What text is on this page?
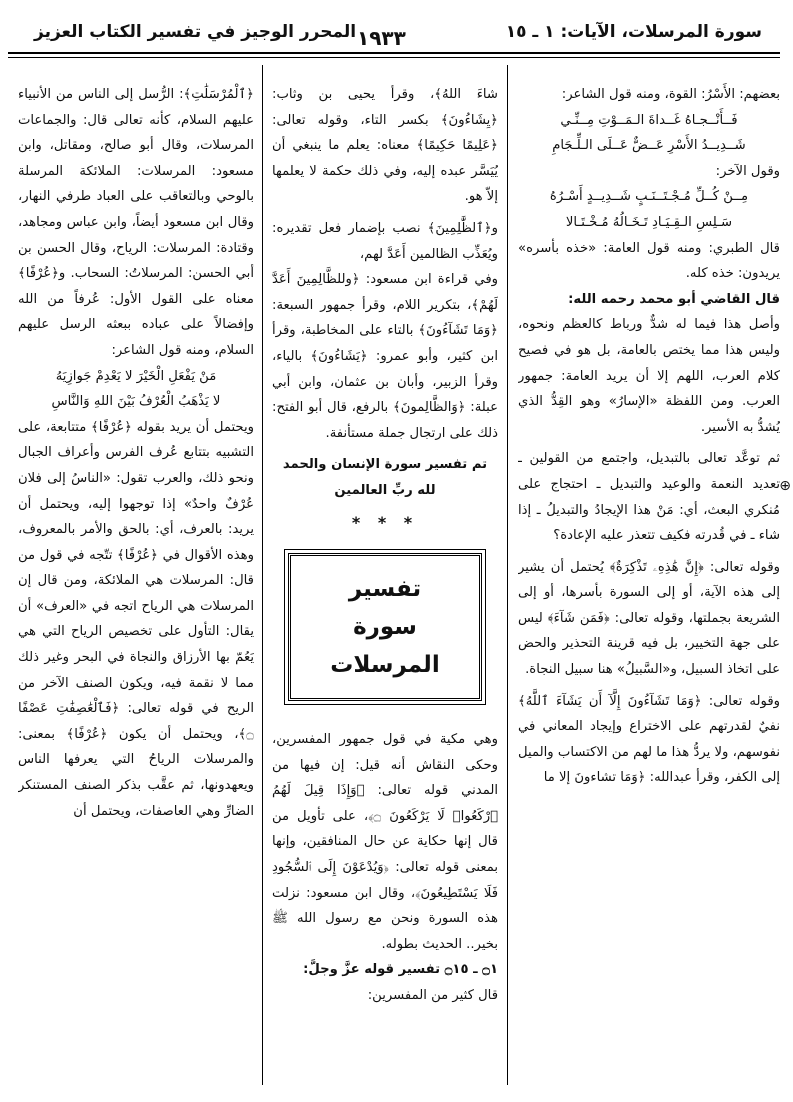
سورة المرسلات، الآيات: ١ ـ ١٥
١٩٣٣
المحرر الوجيز في تفسير الكتاب العزيز

بعضهم: الأَسْرُ: القوة، ومنه قول الشاعر:

فَــأَنْــجـاهُ غَــداةَ الـمَــوْتِ مِــنِّـي

شَــدِيــدُ الأَسْرِ عَــضٌّ عَــلَى الـلِّـجَامِ

وقول الآخر:

مِــنْ كُــلِّ مُـجْـتَــنَـبٍ شَــدِيــدٍ أَسْـرُهُ

سَـلِسِ الـقِـيَـادِ تَـخَـالُهُ مُـخْـتَـالا

قال الطبري: ومنه قول العامة: «خذه بأسره» يريدون: خذه كله.

قال القاضي أبو محمد رحمه الله:

وأصل هذا فيما له شدٌّ ورباط كالعظم ونحوه، وليس هذا مما يختص بالعامة، بل هو في فصيح كلام العرب، اللهم إلا أن يريد العامة: جمهور العرب. ومن اللفظة «الإسارُ» وهو القِدُّ الذي يُشدُّ به الأسير.

ثم توعَّد تعالى بالتبديل، واجتمع من القولين ـ تعديد النعمة والوعيد والتبديل ـ احتجاج على مُنكري البعث، أي: مَنْ هذا الإيجادُ والتبديلُ ـ إذا شاء ـ في قُدرته فكيف تتعذر عليه الإعادة؟

وقوله تعالى: ﴿إِنَّ هَٰذِهِۦ تَذْكِرَةٌ﴾ يُحتمل أن يشير إلى هذه الآية، أو إلى السورة بأسرها، أو إلى الشريعة بجملتها، وقوله تعالى: ﴿فَمَن شَآءَ﴾ ليس على جهة التخيير، بل فيه قرينة التحذير والحض على اتخاذ السبيل، و«السَّبيلُ» هنا سبيل النجاة.

وقوله تعالى: ﴿وَمَا تَشَآءُونَ إِلَّآ أَن يَشَآءَ ٱللَّهُ﴾ نفيٌ لقدرتهم على الاختراع وإيجاد المعاني في نفوسهم، ولا يردُّ هذا ما لهم من الاكتساب والميل إلى الكفر، وقرأ عبدالله: ﴿وَمَا تشاءونَ إلا ما

شاءَ اللهُ﴾، وقرأ يحيى بن وثاب: ﴿يِشَاءُونَ﴾ بكسر التاء، وقوله تعالى: ﴿عَلِيمًا حَكِيمًا﴾ معناه: يعلم ما ينبغي أن يُيَسَّر عبده إليه، وفي ذلك حكمة لا يعلمها إلاّ هو.

و﴿ٱلظَّٰلِمِينَ﴾ نصب بإضمار فعل تقديره: ويُعَذِّب الظالمين أَعَدَّ لهم،

وفي قراءة ابن مسعود: ﴿وللظَّالِمِينَ أَعَدَّ لَهُمْ﴾، بتكرير اللام، وقرأ جمهور السبعة: ﴿وَمَا تَشَآءُونَ﴾ بالتاء على المخاطبة، وقرأ ابن كثير، وأبو عمرو: ﴿يَشَاءُونَ﴾ بالياء، وقرأ الزبير، وأبان بن عثمان، وابن أبي عبلة: ﴿وَالظَّالِمونَ﴾ بالرفع، قال أبو الفتح: ذلك على ارتجال جملة مستأنفة.

تم تفسير سورة الإنسان والحمد لله ربِّ العالمين

* * *
تفسير
سورة المرسلات

وهي مكية في قول جمهور المفسرين، وحكى النقاش أنه قيل: إن فيها من المدني قوله تعالى: ﴿وَإِذَا قِيلَ لَهُمُ ٱرْكَعُوا۟ لَا يَرْكَعُونَ ۝﴾، على تأويل من قال إنها حكاية عن حال المنافقين، وإنها بمعنى قوله تعالى: ﴿وَيُدْعَوْنَ إِلَى ٱلسُّجُودِ فَلَا يَسْتَطِيعُونَ﴾، وقال ابن مسعود: نزلت هذه السورة ونحن مع رسول الله ﷺ بخير.. الحديث بطوله.

۝١ ـ ۝١٥ تفسير قوله عزَّ وجلَّ:

قال كثير من المفسرين:

﴿ٱلْمُرْسَلَٰتِ﴾: الرُّسل إلى الناس من الأنبياء عليهم السلام، كأنه تعالى قال: والجماعات المرسلات، وقال أبو صالح، ومقاتل، وابن مسعود: المرسلات: الملائكة المرسلة بالوحي وبالتعاقب على العباد طرفي النهار، وقال ابن مسعود أيضاً، وابن عباس ومجاهد، وقتادة: المرسلات: الرياح، وقال الحسن بن أبي الحسن: المرسلاتُ: السحاب. و﴿عُرْفًا﴾ معناه على القول الأول: عُرفاً من الله وإفضالاً على عباده ببعثه الرسل عليهم السلام، ومنه قول الشاعر:

مَنْ يَفْعَلِ الْخَيْرَ لا يَعْدِمْ جَوازِيَهُ

لا يَذْهَبُ الْعُرْفُ بَيْنَ اللهِ وَالنَّاسِ

ويحتمل أن يريد بقوله ﴿عُرْفًا﴾ متتابعة، على التشبيه بتتابع عُرف الفرس وأعراف الجبال ونحو ذلك، والعرب تقول: «الناسُ إلى فلان عُرْفٌ واحدٌ» إذا توجهوا إليه، ويحتمل أن يريد: بالعرف، أي: بالحق والأمر بالمعروف، وهذه الأقوال في ﴿عُرْفًا﴾ تتّجه في قول من قال: المرسلات هي الملائكة، ومن قال إن المرسلات هي الرياح اتجه في «العرف» أن يقال: التأول على تخصيص الرياح التي هي يَعُمّ بها الأرزاق والنجاة في البحر وغير ذلك مما لا نقمة فيه، ويكون الصنف الآخر من الريح في قوله تعالى: ﴿فَٱلْعَٰصِفَٰتِ عَصْفًا ۝﴾، ويحتمل أن يكون ﴿عُرْفًا﴾ بمعنى: والمرسلات الرياحُ التي يعرفها الناس ويعهدونها، ثم عقَّب بذكر الصنف المستنكر الضارِّ وهي العاصفات، ويحتمل أن

⊕
